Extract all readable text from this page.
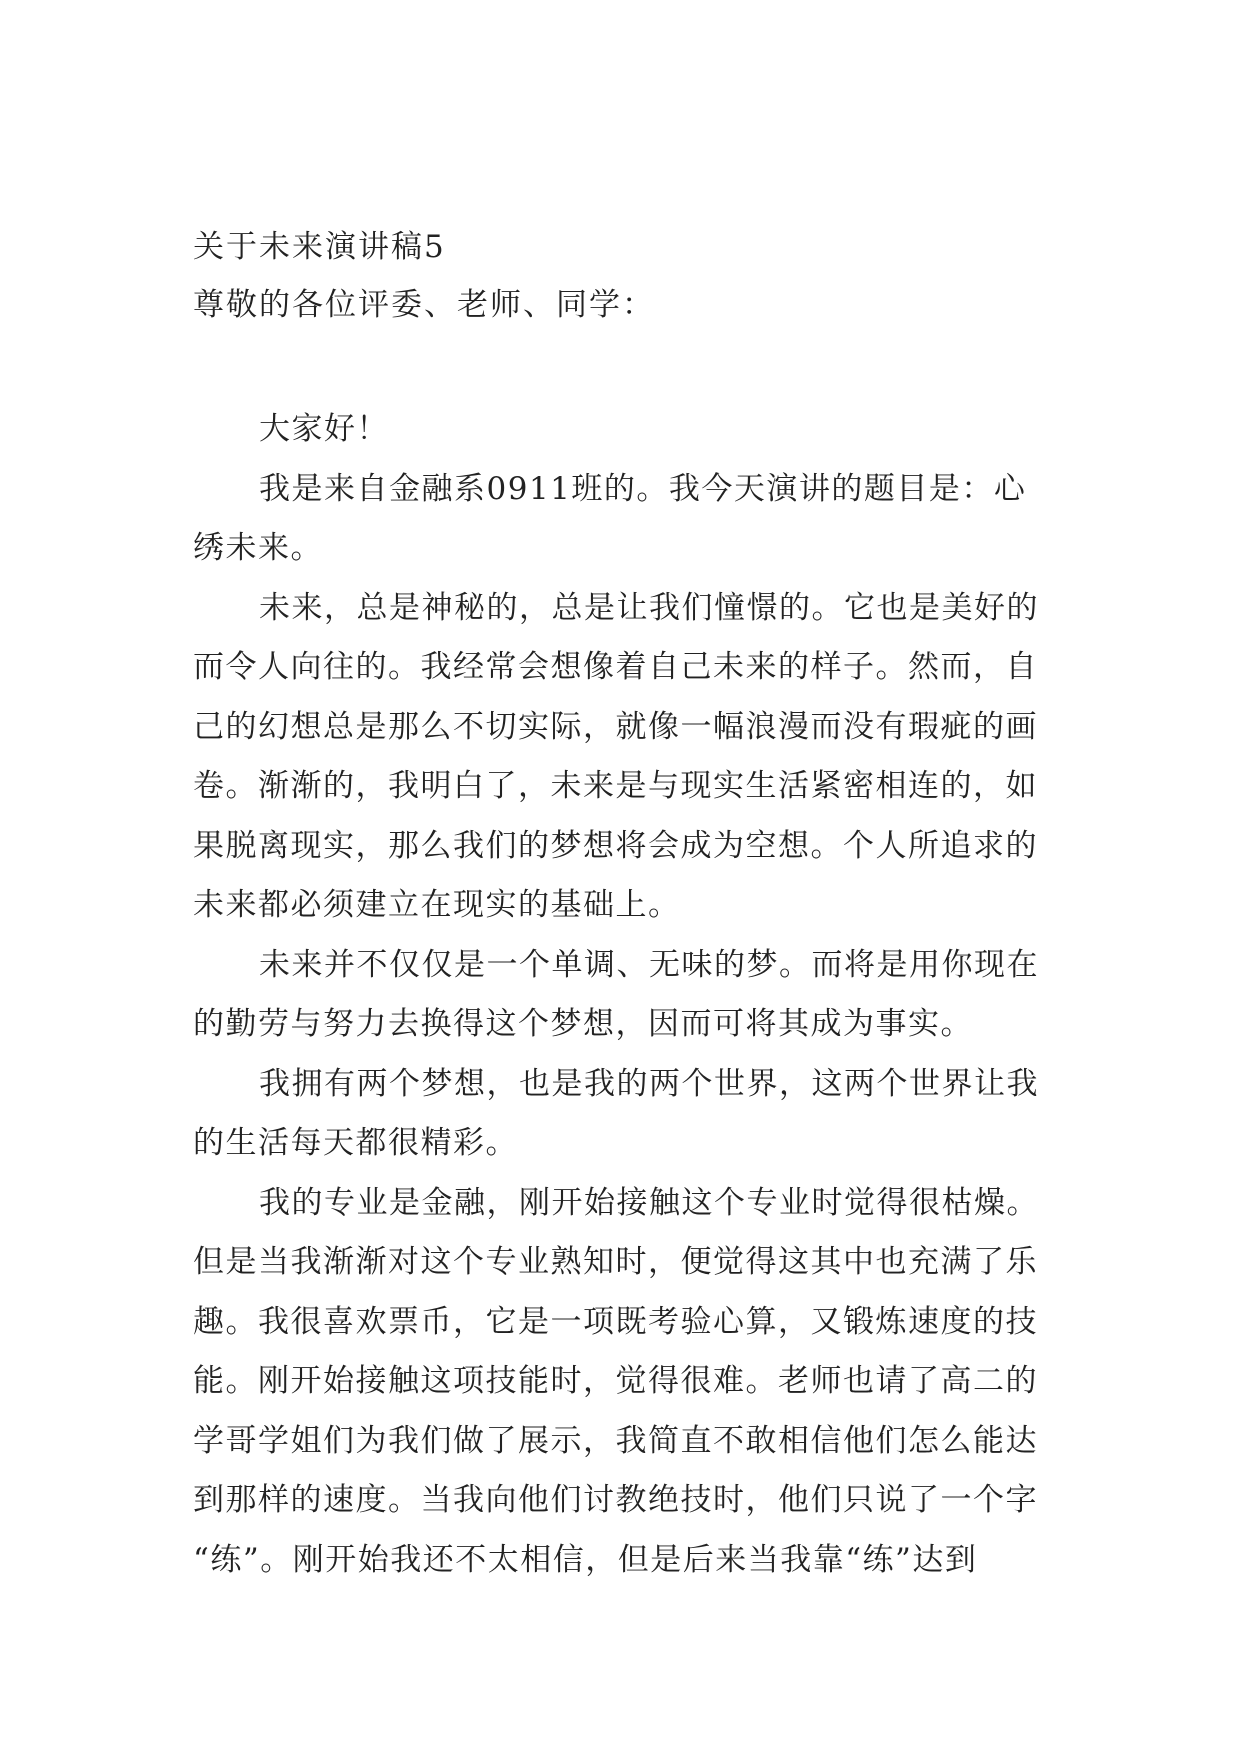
关于未来演讲稿5
尊敬的各位评委、老师、同学：
大家好！
我是来自金融系0911班的。我今天演讲的题目是：心
绣未来。
未来，总是神秘的，总是让我们憧憬的。它也是美好的
而令人向往的。我经常会想像着自己未来的样子。然而，自
己的幻想总是那么不切实际，就像一幅浪漫而没有瑕疵的画
卷。渐渐的，我明白了，未来是与现实生活紧密相连的，如
果脱离现实，那么我们的梦想将会成为空想。个人所追求的
未来都必须建立在现实的基础上。
未来并不仅仅是一个单调、无味的梦。而将是用你现在
的勤劳与努力去换得这个梦想，因而可将其成为事实。
我拥有两个梦想，也是我的两个世界，这两个世界让我
的生活每天都很精彩。
我的专业是金融，刚开始接触这个专业时觉得很枯燥。
但是当我渐渐对这个专业熟知时，便觉得这其中也充满了乐
趣。我很喜欢票币，它是一项既考验心算，又锻炼速度的技
能。刚开始接触这项技能时，觉得很难。老师也请了高二的
学哥学姐们为我们做了展示，我简直不敢相信他们怎么能达
到那样的速度。当我向他们讨教绝技时，他们只说了一个字
“练”。刚开始我还不太相信，但是后来当我靠“练”达到
